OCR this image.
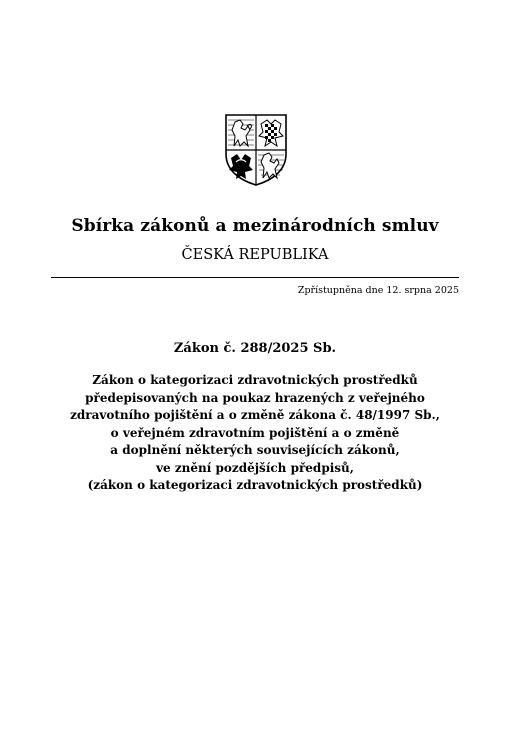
Sbírka zákonů a mezinárodních smluv
ČESKÁ REPUBLIKA
Zpřístupněna dne 12. srpna 2025
Zákon č. 288/2025 Sb.
Zákon o kategorizaci zdravotnických prostředků
předepisovaných na poukaz hrazených z veřejného
zdravotního pojištění a o změně zákona č. 48/1997 Sb.,
o veřejném zdravotním pojištění a o změně
a doplnění některých souvisejících zákonů,
ve znění pozdějších předpisů,
(zákon o kategorizaci zdravotnických prostředků)
